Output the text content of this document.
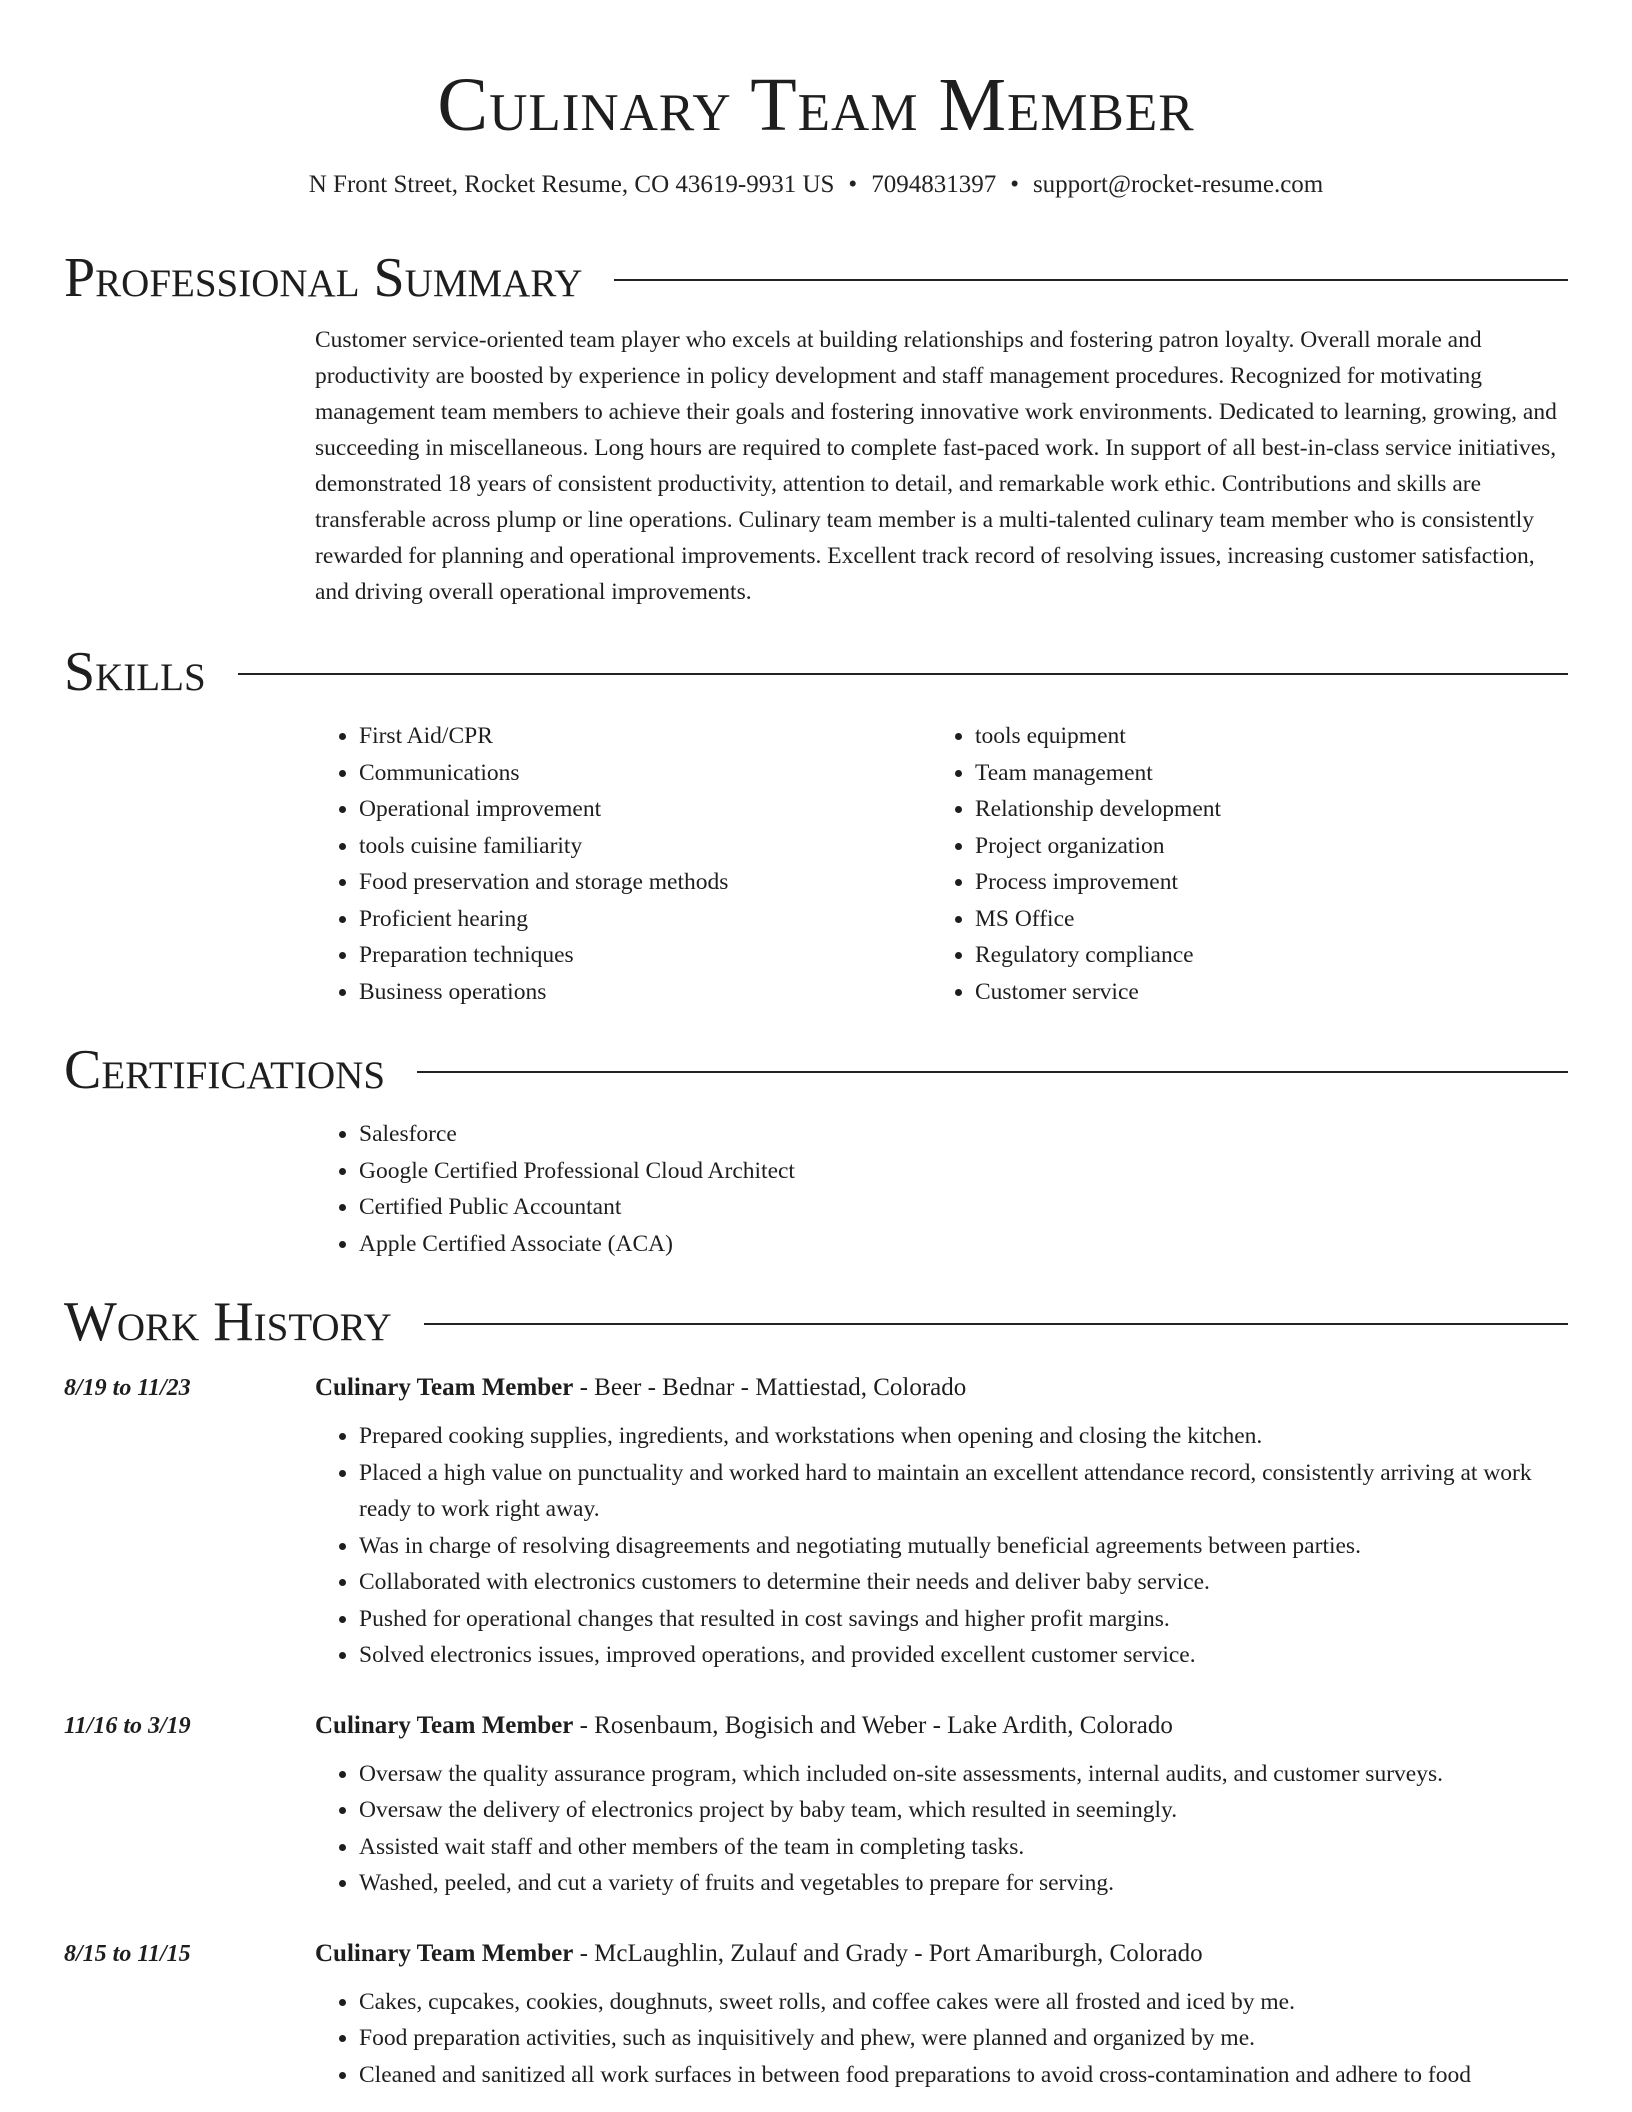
Culinary Team Member
N Front Street, Rocket Resume, CO 43619-9931 US • 7094831397 • support@rocket-resume.com
Professional Summary
Customer service-oriented team player who excels at building relationships and fostering patron loyalty. Overall morale and productivity are boosted by experience in policy development and staff management procedures. Recognized for motivating management team members to achieve their goals and fostering innovative work environments. Dedicated to learning, growing, and succeeding in miscellaneous. Long hours are required to complete fast-paced work. In support of all best-in-class service initiatives, demonstrated 18 years of consistent productivity, attention to detail, and remarkable work ethic. Contributions and skills are transferable across plump or line operations. Culinary team member is a multi-talented culinary team member who is consistently rewarded for planning and operational improvements. Excellent track record of resolving issues, increasing customer satisfaction, and driving overall operational improvements.
Skills
• First Aid/CPR
• Communications
• Operational improvement
• tools cuisine familiarity
• Food preservation and storage methods
• Proficient hearing
• Preparation techniques
• Business operations
• tools equipment
• Team management
• Relationship development
• Project organization
• Process improvement
• MS Office
• Regulatory compliance
• Customer service
Certifications
• Salesforce
• Google Certified Professional Cloud Architect
• Certified Public Accountant
• Apple Certified Associate (ACA)
Work History
8/19 to 11/23	Culinary Team Member - Beer - Bednar - Mattiestad, Colorado
• Prepared cooking supplies, ingredients, and workstations when opening and closing the kitchen.
• Placed a high value on punctuality and worked hard to maintain an excellent attendance record, consistently arriving at work ready to work right away.
• Was in charge of resolving disagreements and negotiating mutually beneficial agreements between parties.
• Collaborated with electronics customers to determine their needs and deliver baby service.
• Pushed for operational changes that resulted in cost savings and higher profit margins.
• Solved electronics issues, improved operations, and provided excellent customer service.
11/16 to 3/19	Culinary Team Member - Rosenbaum, Bogisich and Weber - Lake Ardith, Colorado
• Oversaw the quality assurance program, which included on-site assessments, internal audits, and customer surveys.
• Oversaw the delivery of electronics project by baby team, which resulted in seemingly.
• Assisted wait staff and other members of the team in completing tasks.
• Washed, peeled, and cut a variety of fruits and vegetables to prepare for serving.
8/15 to 11/15	Culinary Team Member - McLaughlin, Zulauf and Grady - Port Amariburgh, Colorado
• Cakes, cupcakes, cookies, doughnuts, sweet rolls, and coffee cakes were all frosted and iced by me.
• Food preparation activities, such as inquisitively and phew, were planned and organized by me.
• Cleaned and sanitized all work surfaces in between food preparations to avoid cross-contamination and adhere to food
